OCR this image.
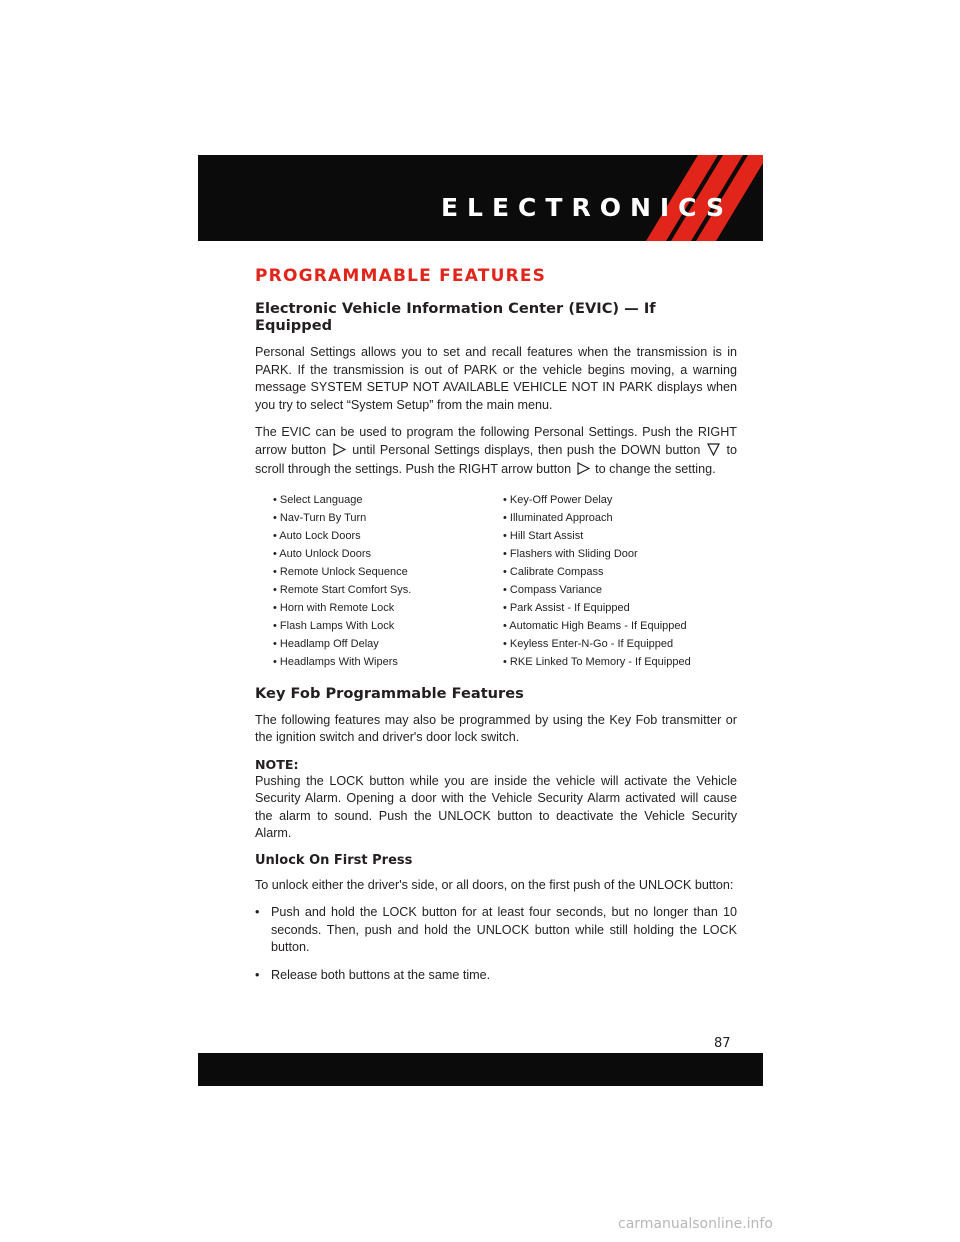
ELECTRONICS
PROGRAMMABLE FEATURES
Electronic Vehicle Information Center (EVIC) — If Equipped

Personal Settings allows you to set and recall features when the transmission is in PARK. If the transmission is out of PARK or the vehicle begins moving, a warning message SYSTEM SETUP NOT AVAILABLE VEHICLE NOT IN PARK displays when you try to select “System Setup” from the main menu.

The EVIC can be used to program the following Personal Settings. Push the RIGHT arrow button until Personal Settings displays, then push the DOWN button to scroll through the settings. Push the RIGHT arrow button to change the setting.

• Select Language	• Key-Off Power Delay
• Nav-Turn By Turn	• Illuminated Approach
• Auto Lock Doors	• Hill Start Assist
• Auto Unlock Doors	• Flashers with Sliding Door
• Remote Unlock Sequence	• Calibrate Compass
• Remote Start Comfort Sys.	• Compass Variance
• Horn with Remote Lock	• Park Assist - If Equipped
• Flash Lamps With Lock	• Automatic High Beams - If Equipped
• Headlamp Off Delay	• Keyless Enter-N-Go - If Equipped
• Headlamps With Wipers	• RKE Linked To Memory - If Equipped
Key Fob Programmable Features

The following features may also be programmed by using the Key Fob transmitter or the ignition switch and driver's door lock switch.

NOTE:

Pushing the LOCK button while you are inside the vehicle will activate the Vehicle Security Alarm. Opening a door with the Vehicle Security Alarm activated will cause the alarm to sound. Push the UNLOCK button to deactivate the Vehicle Security Alarm.

Unlock On First Press

To unlock either the driver's side, or all doors, on the first push of the UNLOCK button:

• Push and hold the LOCK button for at least four seconds, but no longer than 10 seconds. Then, push and hold the UNLOCK button while still holding the LOCK button.
• Release both buttons at the same time.
87
carmanualsonline.info
